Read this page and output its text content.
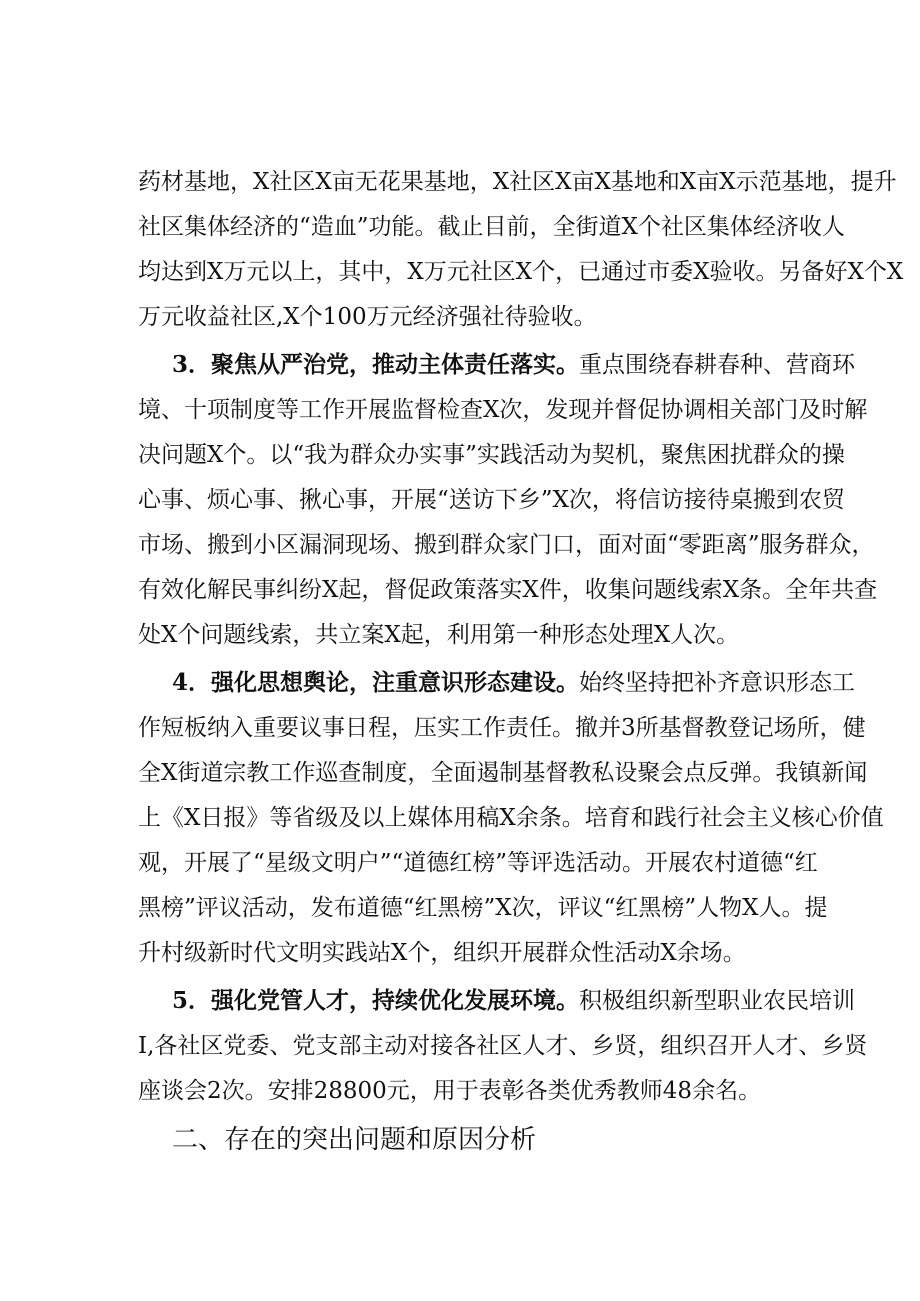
药材基地，X社区X亩无花果基地，X社区X亩X基地和X亩X示范基地，提升
社区集体经济的“造血”功能。截止目前，全街道X个社区集体经济收人
均达到X万元以上，其中，X万元社区X个，已通过市委X验收。另备好X个X
万元收益社区,X个100万元经济强社待验收。
3．聚焦从严治党，推动主体责任落实。重点围绕春耕春种、营商环
境、十项制度等工作开展监督检查X次，发现并督促协调相关部门及时解
决问题X个。以“我为群众办实事”实践活动为契机，聚焦困扰群众的操
心事、烦心事、揪心事，开展“送访下乡”X次，将信访接待桌搬到农贸
市场、搬到小区漏洞现场、搬到群众家门口，面对面“零距离”服务群众，
有效化解民事纠纷X起，督促政策落实X件，收集问题线索X条。全年共查
处X个问题线索，共立案X起，利用第一种形态处理X人次。
4．强化思想舆论，注重意识形态建设。始终坚持把补齐意识形态工
作短板纳入重要议事日程，压实工作责任。撤并3所基督教登记场所，健
全X街道宗教工作巡查制度，全面遏制基督教私设聚会点反弹。我镇新闻
上《X日报》等省级及以上媒体用稿X余条。培育和践行社会主义核心价值
观，开展了“星级文明户”“道德红榜”等评选活动。开展农村道德“红
黑榜”评议活动，发布道德“红黑榜”X次，评议“红黑榜”人物X人。提
升村级新时代文明实践站X个，组织开展群众性活动X余场。
5．强化党管人才，持续优化发展环境。积极组织新型职业农民培训
I,各社区党委、党支部主动对接各社区人才、乡贤，组织召开人才、乡贤
座谈会2次。安排28800元，用于表彰各类优秀教师48余名。
二、存在的突出问题和原因分析
